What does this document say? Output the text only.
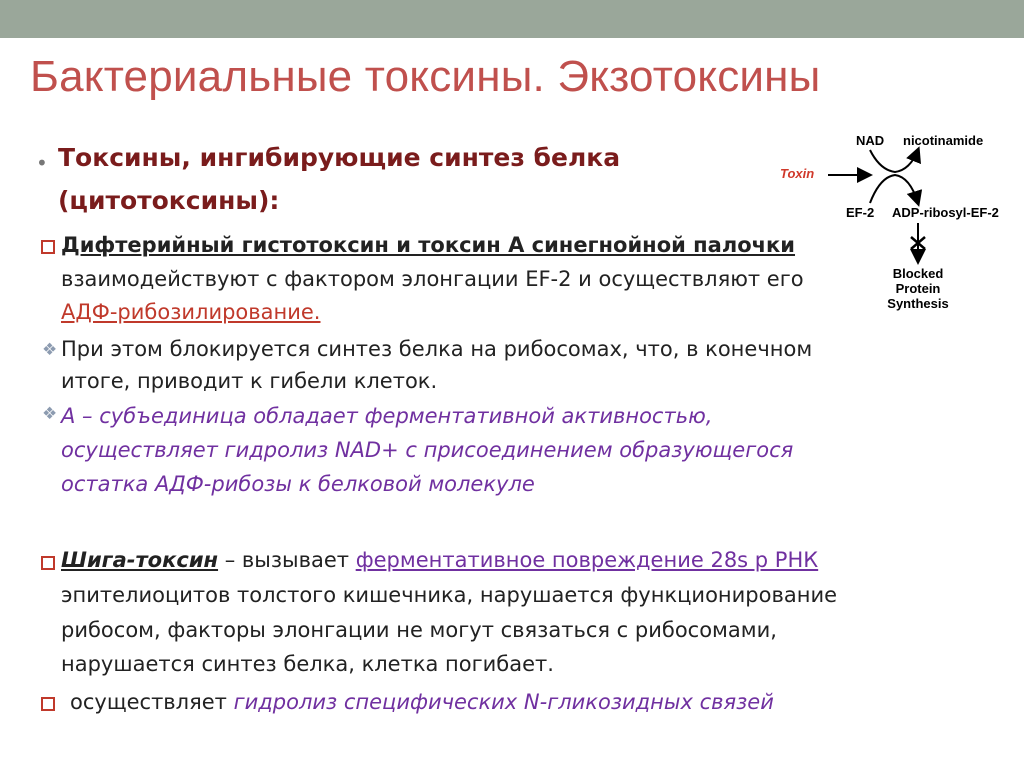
Бактериальные токсины. Экзотоксины
• Токсины, ингибирующие синтез белка
(цитотоксины):
Дифтерийный гистотоксин и токсин А синегнойной палочки
взаимодействуют с фактором элонгации EF-2 и осуществляют его
АДФ-рибозилирование.
❖ При этом блокируется синтез белка на рибосомах, что, в конечном
итоге, приводит к гибели клеток.
❖ А – субъединица обладает ферментативной активностью,
осуществляет гидролиз NAD+ с присоединением образующегося
остатка АДФ-рибозы к белковой молекуле
Шига-токсин – вызывает ферментативное повреждение 28s р РНК
эпителиоцитов толстого кишечника, нарушается функционирование
рибосом, факторы элонгации не могут связаться с рибосомами,
нарушается синтез белка, клетка погибает.
осуществляет гидролиз специфических N-гликозидных связей
NAD nicotinamide
Toxin
EF-2 ADP-ribosyl-EF-2
Blocked
Protein
Synthesis
